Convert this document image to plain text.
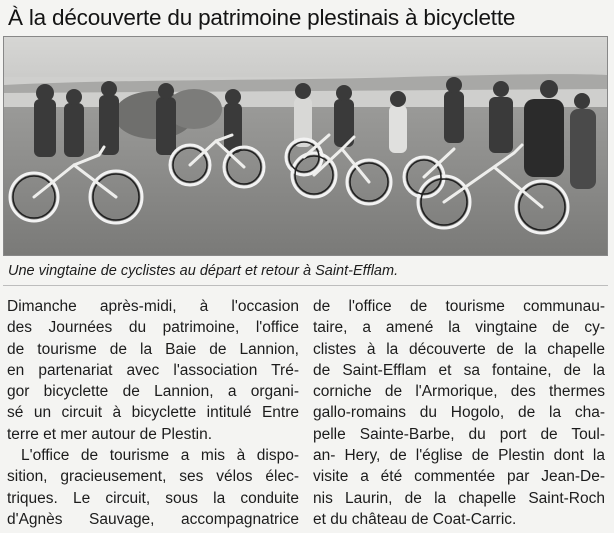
À la découverte du patrimoine plestinais à bicyclette
Une vingtaine de cyclistes au départ et retour à Saint-Efflam.
Dimanche après-midi, à l'occasion
des Journées du patrimoine, l'office
de tourisme de la Baie de Lannion,
en partenariat avec l'association Tré-
gor bicyclette de Lannion, a organi-
sé un circuit à bicyclette intitulé Entre
terre et mer autour de Plestin.
L'office de tourisme a mis à dispo-
sition, gracieusement, ses vélos élec-
triques. Le circuit, sous la conduite
d'Agnès Sauvage, accompagnatrice
de l'office de tourisme communau-
taire, a amené la vingtaine de cy-
clistes à la découverte de la chapelle
de Saint-Efflam et sa fontaine, de la
corniche de l'Armorique, des thermes
gallo-romains du Hogolo, de la cha-
pelle Sainte-Barbe, du port de Toul-
an- Hery, de l'église de Plestin dont la
visite a été commentée par Jean-De-
nis Laurin, de la chapelle Saint-Roch
et du château de Coat-Carric.
